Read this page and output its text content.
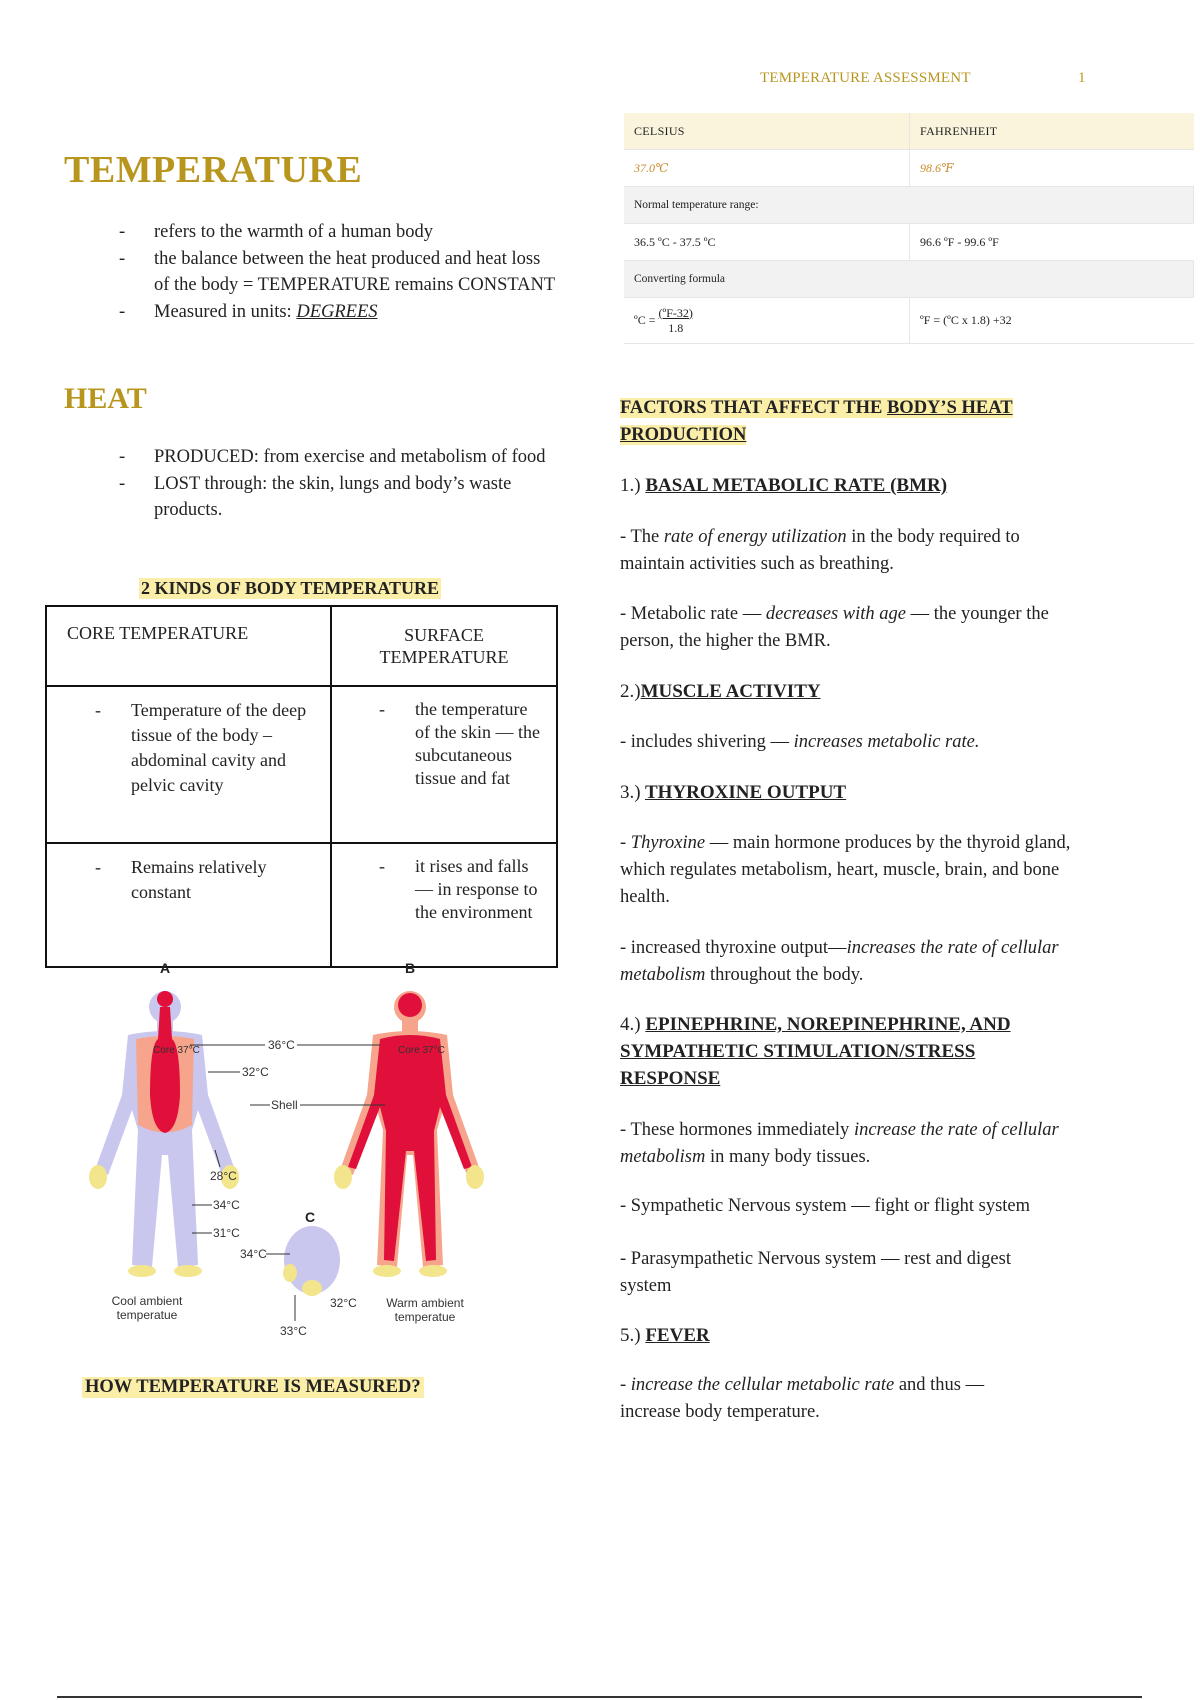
TEMPERATURE ASSESSMENT	1
CELSIUS	FAHRENHEIT
37.0℃	98.6℉
Normal temperature range:	
36.5 ºC - 37.5 ºC	96.6 ºF - 99.6 ºF
Converting formula	
ºC = $\frac{\text{(ºF-32)}}{1.8}$	ºF = (ºC x 1.8) +32
TEMPERATURE
- refers to the warmth of a human body
- the balance between the heat produced and heat loss of the body = TEMPERATURE remains CONSTANT
- Measured in units: DEGREES
HEAT
- PRODUCED: from exercise and metabolism of food
- LOST through: the skin, lungs and body’s waste products.
2 KINDS OF BODY TEMPERATURE
CORE TEMPERATURE	SURFACE TEMPERATURE

- Temperature of the deep tissue of the body – abdominal cavity and pelvic cavity	- the temperature of the skin — the subcutaneous tissue and fat

- Remains relatively constant	- it rises and falls — in response to the environment
Core 37°C	Core 37°C
A	B
C
36°C
32°C
Shell
28°C
34°C
31°C
34°C
32°C
33°C
Cool ambient
temperatue
Warm ambient
temperatue
HOW TEMPERATURE IS MEASURED?
FACTORS THAT AFFECT THE BODY’S HEAT PRODUCTION
1.) BASAL METABOLIC RATE (BMR)
- The rate of energy utilization in the body required to maintain activities such as breathing.
- Metabolic rate — decreases with age — the younger the person, the higher the BMR.
2.)MUSCLE ACTIVITY
- includes shivering — increases metabolic rate.
3.) THYROXINE OUTPUT
- Thyroxine — main hormone produces by the thyroid gland, which regulates metabolism, heart, muscle, brain, and bone health.
- increased thyroxine output—increases the rate of cellular metabolism throughout the body.
4.) EPINEPHRINE, NOREPINEPHRINE, AND SYMPATHETIC STIMULATION/STRESS RESPONSE
- These hormones immediately increase the rate of cellular metabolism in many body tissues.
- Sympathetic Nervous system — fight or flight system
- Parasympathetic Nervous system — rest and digest system
5.) FEVER
- increase the cellular metabolic rate and thus — increase body temperature.
